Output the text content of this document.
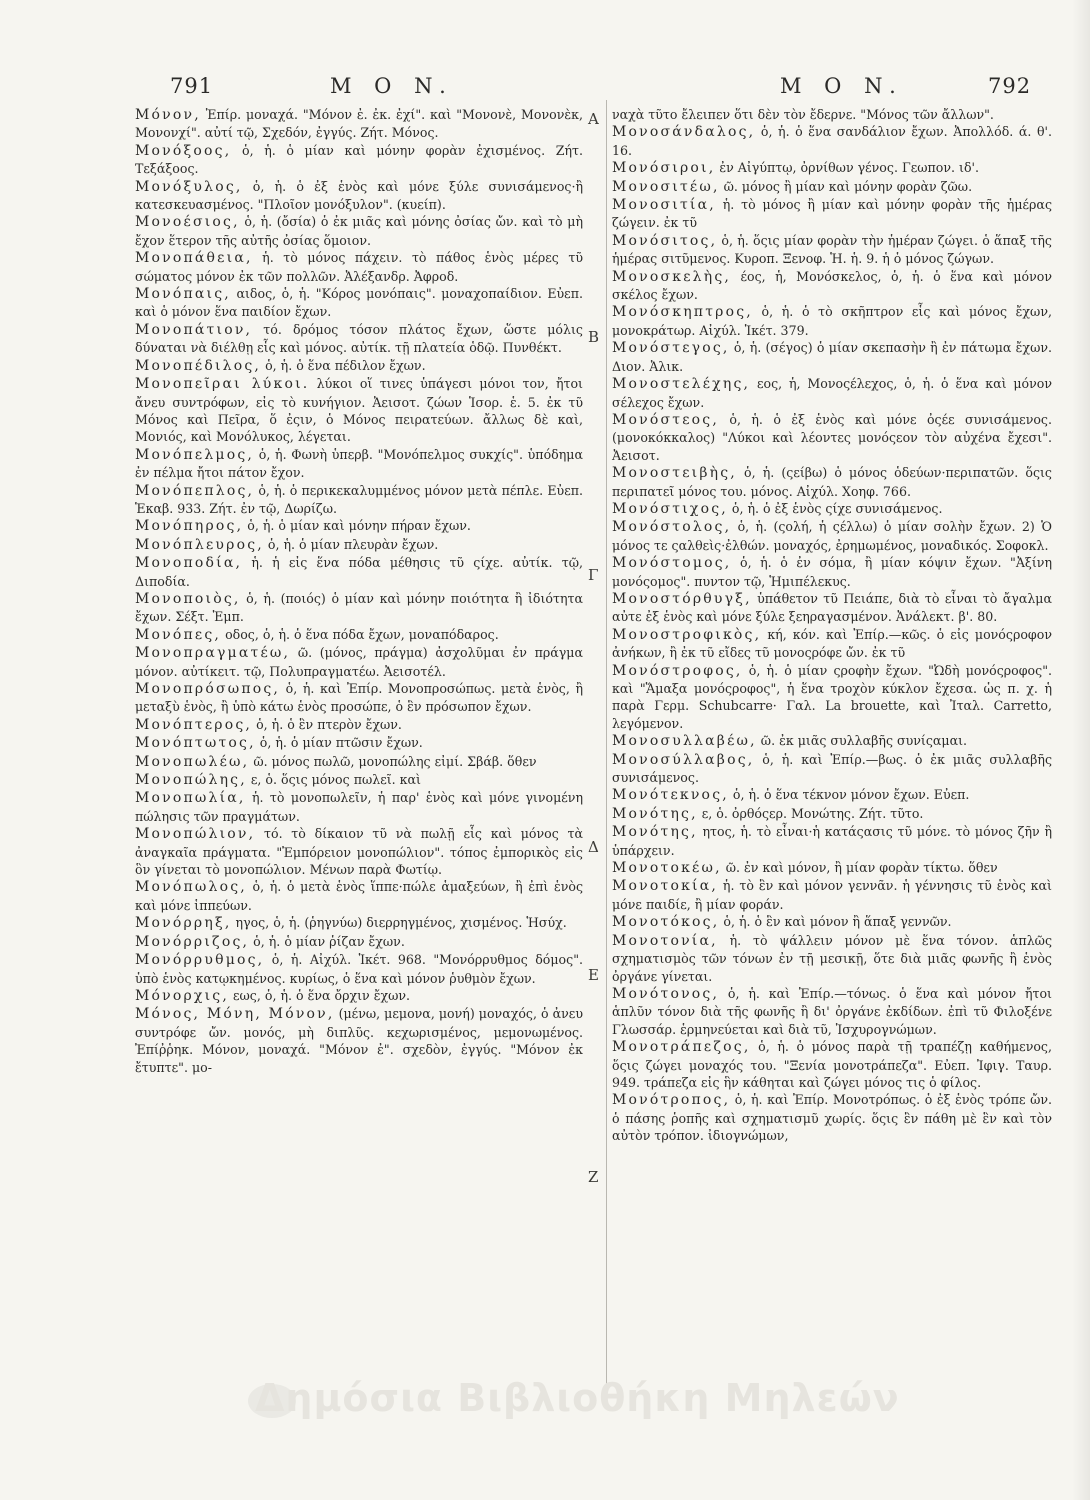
791	M O N.	M O N.	792

Μόνον, Ἐπίρ. μοναχά. "Μόνον ἐ. ἐκ. ἐχί". καὶ "Μονονὲ, Μονονὲκ, Μονονχί". αὐτί τῷ, Σχεδόν, ἐγγύς. Ζήτ. Μόνος.

Μονόξοος, ὁ, ἡ. ὁ μίαν καὶ μόνην φορὰν ἐχισμένος. Ζήτ. Τεξάξοος.

Μονόξυλος, ὁ, ἡ. ὁ ἐξ ἑνὸς καὶ μόνε ξύλε συνισάμενος·ἢ κατεσκευασμένος. "Πλοῖον μονόξυλον". (κυείπ).

Μονοέσιος, ὁ, ἡ. (ὄσία) ὁ ἐκ μιᾶς καὶ μόνης ὀσίας ὤν. καὶ τὸ μὴ ἔχον ἕτερον τῆς αὐτῆς ὀσίας ὅμοιον.

Μονοπάθεια, ἡ. τὸ μόνος πάχειν. τὸ πάθος ἑνὸς μέρες τῦ σώματος μόνον ἐκ τῶν πολλῶν. Ἀλέξανδρ. Ἀφροδ.

Μονόπαις, αιδος, ὁ, ἡ. "Κόρος μονόπαις". μοναχοπαίδιον. Εὐεπ. καὶ ὁ μόνον ἕνα παιδίον ἔχων.

Μονοπάτιον, τό. δρόμος τόσον πλάτος ἔχων, ὥστε μόλις δύναται νὰ διέλθῃ εἷς καὶ μόνος. αὐτίκ. τῇ πλατεία ὁδῷ. Πυνθέκτ.

Μονοπέδιλος, ὁ, ἡ. ὁ ἕνα πέδιλον ἔχων.

Μονοπεῖραι λύκοι. λύκοι οἵ τινες ὑπάγεσι μόνοι τον, ἤτοι ἄνευ συντρόφων, εἰς τὸ κυνήγιον. Ἀεισοτ. ζώων Ἱσορ. ἑ. 5. ἐκ τῦ Μόνος καὶ Πεῖρα, ὅ ἐςιν, ὁ Μόνος πειρατεύων. ἄλλως δὲ καὶ, Μονιός, καὶ Μονόλυκος, λέγεται.

Μονόπελμος, ὁ, ἡ. Φωνὴ ὑπερβ. "Μονόπελμος συκχίς". ὑπόδημα ἐν πέλμα ἤτοι πάτον ἔχον.

Μονόπεπλος, ὁ, ἡ. ὁ περικεκαλυμμένος μόνον μετὰ πέπλε. Εὐεπ. Ἑκαβ. 933. Ζήτ. ἐν τῷ, Δωρίζω.

Μονόπηρος, ὁ, ἡ. ὁ μίαν καὶ μόνην πήραν ἔχων.

Μονόπλευρος, ὁ, ἡ. ὁ μίαν πλευρὰν ἔχων.

Μονοποδία, ἡ. ἡ εἰς ἕνα πόδα μέθησις τῦ ςίχε. αὐτίκ. τῷ, Διποδία.

Μονοποιὸς, ὁ, ἡ. (ποιός) ὁ μίαν καὶ μόνην ποιότητα ἢ ἰδιότητα ἔχων. Σέξτ. Ἐμπ.

Μονόπες, οδος, ὁ, ἡ. ὁ ἕνα πόδα ἔχων, μοναπόδαρος.

Μονοπραγματέω, ῶ. (μόνος, πράγμα) ἀσχολῦμαι ἐν πράγμα μόνον. αὐτίκειτ. τῷ, Πολυπραγματέω. Ἀεισοτέλ.

Μονοπρόσωπος, ὁ, ἡ. καὶ Ἐπίρ. Μονοπροσώπως. μετὰ ἑνὸς, ἢ μεταξὺ ἑνὸς, ἢ ὑπὸ κάτω ἑνὸς προσώπε, ὁ ἓν πρόσωπον ἔχων.

Μονόπτερος, ὁ, ἡ. ὁ ἓν πτερὸν ἔχων.

Μονόπτωτος, ὁ, ἡ. ὁ μίαν πτῶσιν ἔχων.

Μονοπωλέω, ῶ. μόνος πωλῶ, μονοπώλης εἰμί. Σβάβ. ὅθεν

Μονοπώλης, ε, ὁ. ὅςις μόνος πωλεῖ. καὶ

Μονοπωλία, ἡ. τὸ μονοπωλεῖν, ἡ παρ' ἑνὸς καὶ μόνε γινομένη πώλησις τῶν πραγμάτων.

Μονοπώλιον, τό. τὸ δίκαιον τῦ νὰ πωλῇ εἷς καὶ μόνος τὰ ἀναγκαῖα πράγματα. "Ἐμπόρειον μονοπώλιον". τόπος ἐμπορικὸς εἰς ὃν γίνεται τὸ μονοπώλιον. Μένων παρὰ Φωτίῳ.

Μονόπωλος, ὁ, ἡ. ὁ μετὰ ἑνὸς ἵππε·πώλε ἁμαξεύων, ἢ ἐπὶ ἑνὸς καὶ μόνε ἱππεύων.

Μονόρρηξ, ηγος, ὁ, ἡ. (ῥηγνύω) διερρηγμένος, χισμένος. Ἡσύχ.

Μονόρριζος, ὁ, ἡ. ὁ μίαν ῥίζαν ἔχων.

Μονόρρυθμος, ὁ, ἡ. Αἰχύλ. Ἱκέτ. 968. "Μονόρρυθμος δόμος". ὑπὸ ἑνὸς κατῳκημένος. κυρίως, ὁ ἕνα καὶ μόνον ῥυθμὸν ἔχων.

Μόνορχις, εως, ὁ, ἡ. ὁ ἕνα ὄρχιν ἔχων.

Μόνος, Μόνη, Μόνον, (μένω, μεμονα, μονή) μοναχός, ὁ ἀνευ συντρόφε ὤν. μονός, μὴ διπλῦς. κεχωρισμένος, μεμονωμένος. Ἐπίῤῥηκ. Μόνον, μοναχά. "Μόνον ἐ". σχεδὸν, ἐγγύς. "Μόνον ἐκ ἔτυπτε". μο-

ναχὰ τῦτο ἔλειπεν ὅτι δὲν τὸν ἔδερνε. "Μόνος τῶν ἄλλων".

Μονοσάνδαλος, ὁ, ἡ. ὁ ἕνα σανδάλιον ἔχων. Ἀπολλόδ. ά. θ'. 16.

Μονόσιροι, ἐν Αἰγύπτῳ, ὀρνίθων γένος. Γεωπον. ιδ'.

Μονοσιτέω, ῶ. μόνος ἢ μίαν καὶ μόνην φορὰν ζῶω.

Μονοσιτία, ἡ. τὸ μόνος ἢ μίαν καὶ μόνην φορὰν τῆς ἡμέρας ζώγειν. ἐκ τῦ

Μονόσιτος, ὁ, ἡ. ὅςις μίαν φορὰν τὴν ἡμέραν ζώγει. ὁ ἅπαξ τῆς ἡμέρας σιτῦμενος. Κυροπ. Ξενοφ. Ἡ. ἡ. 9. ἡ ὁ μόνος ζώγων.

Μονοσκελὴς, έος, ἡ, Μονόσκελος, ὁ, ἡ. ὁ ἕνα καὶ μόνον σκέλος ἔχων.

Μονόσκηπτρος, ὁ, ἡ. ὁ τὸ σκῆπτρον εἷς καὶ μόνος ἔχων, μονοκράτωρ. Αἰχύλ. Ἱκέτ. 379.

Μονόστεγος, ὁ, ἡ. (σέγος) ὁ μίαν σκεπασὴν ἢ ἐν πάτωμα ἔχων. Διον. Ἀλικ.

Μονοστελέχης, εος, ἡ, Μονοςέλεχος, ὁ, ἡ. ὁ ἕνα καὶ μόνον σέλεχος ἔχων.

Μονόστεος, ὁ, ἡ. ὁ ἐξ ἑνὸς καὶ μόνε ὀςέε συνισάμενος. (μονοκόκκαλος) "Λύκοι καὶ λέοντες μονόςεον τὸν αὐχένα ἔχεσι". Ἀεισοτ.

Μονοστειβὴς, ὁ, ἡ. (ςείβω) ὁ μόνος ὁδεύων·περιπατῶν. ὅςις περιπατεῖ μόνος του. μόνος. Αἰχύλ. Χοηφ. 766.

Μονόστιχος, ὁ, ἡ. ὁ ἐξ ἑνὸς ςίχε συνισάμενος.

Μονόστολος, ὁ, ἡ. (ςολή, ἡ ςέλλω) ὁ μίαν σολὴν ἔχων. 2) Ὁ μόνος τε ςαλθεὶς·ἐλθών. μοναχός, ἐρημωμένος, μοναδικός. Σοφοκλ.

Μονόστομος, ὁ, ἡ. ὁ ἐν σόμα, ἢ μίαν κόψιν ἔχων. "Ἀξίνη μονόςομος". πυντον τῷ, Ἡμιπέλεκυς.

Μονοστόρθυγξ, ὑπάθετον τῦ Πειάπε, διὰ τὸ εἶναι τὸ ἄγαλμα αὐτε ἐξ ἑνὸς καὶ μόνε ξύλε ξεηραγασμένον. Ἀνάλεκτ. β'. 80.

Μονοστροφικὸς, κή, κόν. καὶ Ἐπίρ.—κῶς. ὁ εἰς μονόςροφον ἀνήκων, ἢ ἐκ τῦ εἴδες τῦ μονοςρόφε ὤν. ἐκ τῦ

Μονόστροφος, ὁ, ἡ. ὁ μίαν ςροφὴν ἔχων. "Ὠδὴ μονόςροφος". καὶ "Ἅμαξα μονόςροφος", ἡ ἕνα τροχὸν κύκλον ἔχεσα. ὡς π. χ. ἡ παρὰ Γερμ. Schubcarre· Γαλ. La brouette, καὶ Ἰταλ. Carretto, λεγόμενον.

Μονοσυλλαβέω, ῶ. ἐκ μιᾶς συλλαβῆς συνίςαμαι.

Μονοσύλλαβος, ὁ, ἡ. καὶ Ἐπίρ.—βως. ὁ ἐκ μιᾶς συλλαβῆς συνισάμενος.

Μονότεκνος, ὁ, ἡ. ὁ ἕνα τέκνον μόνον ἔχων. Εὐεπ.

Μονότης, ε, ὁ. ὀρθόςερ. Μονώτης. Ζήτ. τῦτο.

Μονότης, ητος, ἡ. τὸ εἶναι·ἡ κατάςασις τῦ μόνε. τὸ μόνος ζῆν ἢ ὑπάρχειν.

Μονοτοκέω, ῶ. ἐν καὶ μόνον, ἢ μίαν φορὰν τίκτω. ὅθεν

Μονοτοκία, ἡ. τὸ ἓν καὶ μόνον γεννᾶν. ἡ γέννησις τῦ ἑνὸς καὶ μόνε παιδίε, ἢ μίαν φοράν.

Μονοτόκος, ὁ, ἡ. ὁ ἓν καὶ μόνον ἢ ἅπαξ γεννῶν.

Μονοτονία, ἡ. τὸ ψάλλειν μόνον μὲ ἕνα τόνον. ἁπλῶς σχηματισμὸς τῶν τόνων ἐν τῇ μεσικῇ, ὅτε διὰ μιᾶς φωνῆς ἢ ἑνὸς ὀργάνε γίνεται.

Μονότονος, ὁ, ἡ. καὶ Ἐπίρ.—τόνως. ὁ ἕνα καὶ μόνον ἤτοι ἁπλῦν τόνον διὰ τῆς φωνῆς ἢ δι' ὀργάνε ἐκδίδων. ἐπὶ τῦ Φιλοξένε Γλωσσάρ. ἑρμηνεύεται καὶ διὰ τῦ, Ἰσχυρογνώμων.

Μονοτράπεζος, ὁ, ἡ. ὁ μόνος παρὰ τῇ τραπέζῃ καθήμενος, ὅςις ζώγει μοναχός του. "Ξενία μονοτράπεζα". Εὐεπ. Ἰφιγ. Ταυρ. 949. τράπεζα εἰς ἣν κάθηται καὶ ζώγει μόνος τις ὁ φίλος.

Μονότροπος, ὁ, ἡ. καὶ Ἐπίρ. Μονοτρόπως. ὁ ἐξ ἑνὸς τρόπε ὤν. ὁ πάσης ῥοπῆς καὶ σχηματισμῦ χωρίς. ὅςις ἓν πάθη μὲ ἓν καὶ τὸν αὐτὸν τρόπον. ἰδιογνώμων,

A
B
Γ
Δ
E
Z
Δημόσια Βιβλιοθήκη Μηλεών
